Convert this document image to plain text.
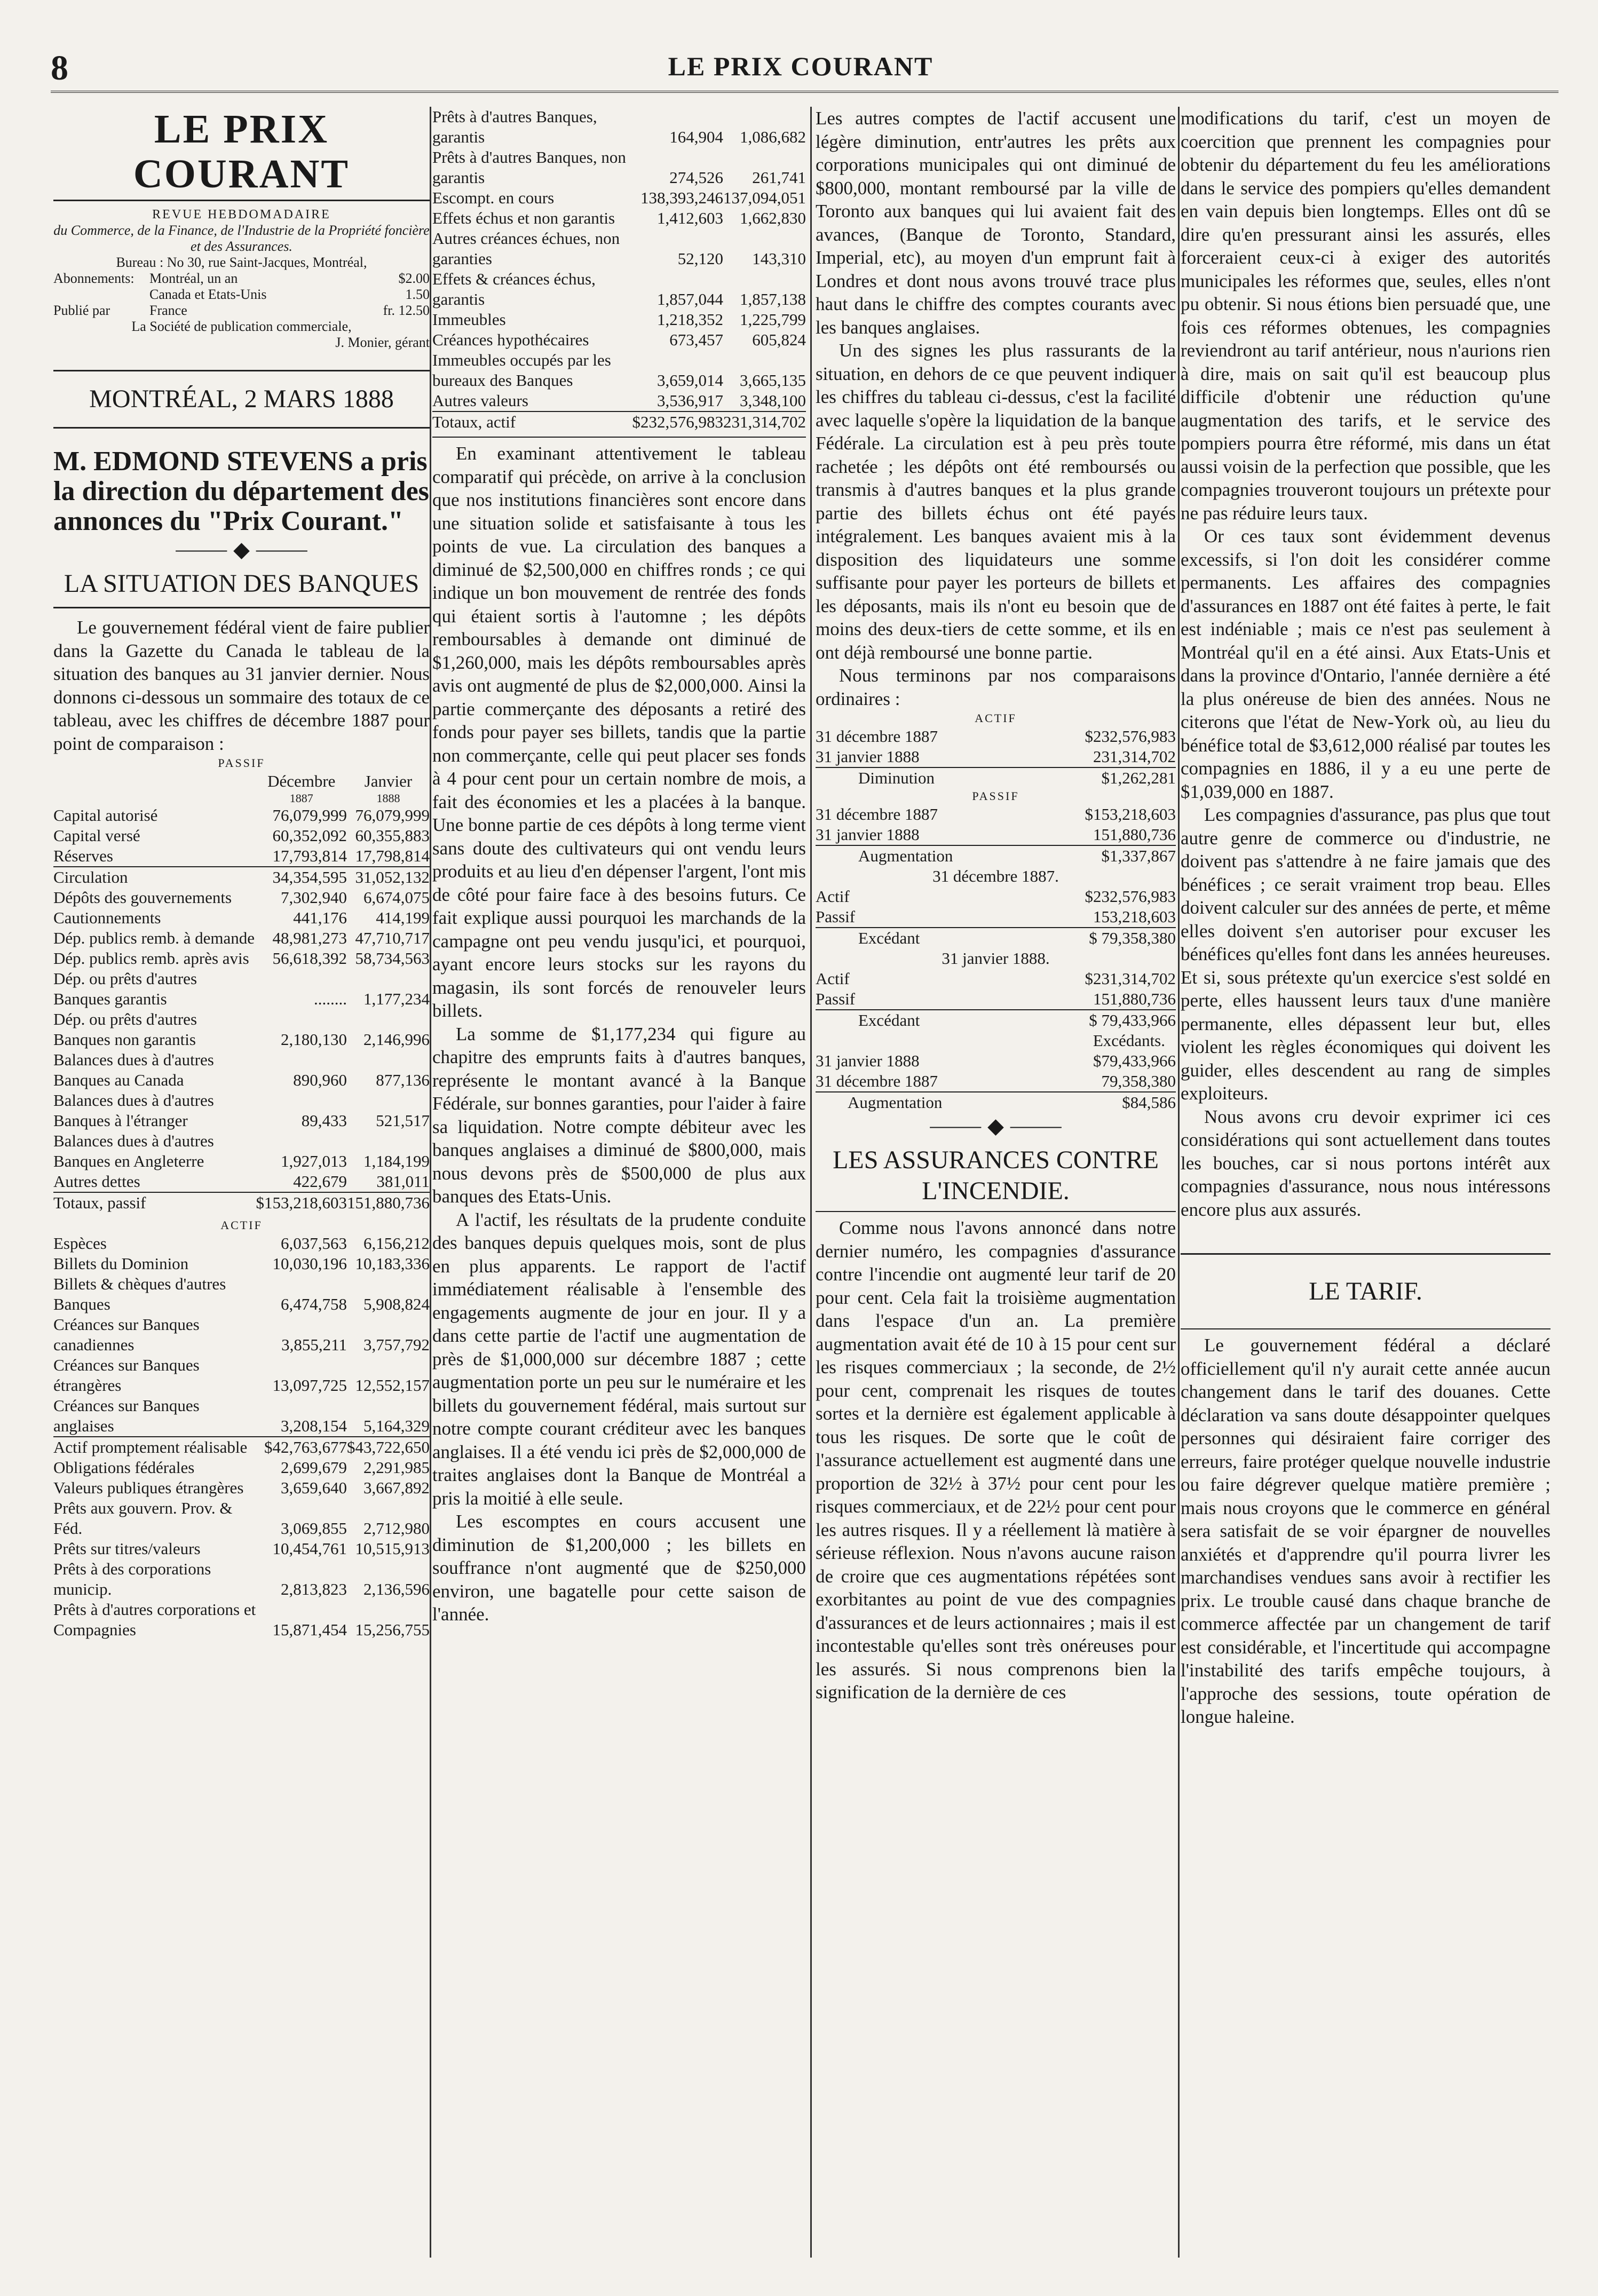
8	LE PRIX COURANT
LE PRIX COURANT
REVUE HEBDOMADAIRE
du Commerce, de la Finance, de l'Industrie de la Propriété foncière et des Assurances.
Bureau : No 30, rue Saint-Jacques, Montréal,
Abonnements:	Montréal, un an	$2.00
	Canada et Etats-Unis	1.50
Publié par	France	fr. 12.50
La Société de publication commerciale,
J. Monier, gérant
MONTRÉAL, 2 MARS 1888
M. EDMOND STEVENS a pris la direction du département des annonces du "Prix Courant."
⸻ ◆ ⸻
LA SITUATION DES BANQUES

Le gouvernement fédéral vient de faire publier dans la Gazette du Canada le tableau de la situation des banques au 31 janvier dernier. Nous donnons ci-dessous un sommaire des totaux de ce tableau, avec les chiffres de décembre 1887 pour point de comparaison :

PASSIF
	Décembre	Janvier
	1887	1888
Capital autorisé	76,079,999	76,079,999
Capital versé	60,352,092	60,355,883
Réserves	17,793,814	17,798,814
Circulation	34,354,595	31,052,132
Dépôts des gouvernements	7,302,940	6,674,075
Cautionnements	441,176	414,199
Dép. publics remb. à demande	48,981,273	47,710,717
Dép. publics remb. après avis	56,618,392	58,734,563
Dép. ou prêts d'autres Banques garantis	........	1,177,234
Dép. ou prêts d'autres Banques non garantis	2,180,130	2,146,996
Balances dues à d'autres Banques au Canada	890,960	877,136
Balances dues à d'autres Banques à l'étranger	89,433	521,517
Balances dues à d'autres Banques en Angleterre	1,927,013	1,184,199
Autres dettes	422,679	381,011
Totaux, passif	$153,218,603	151,880,736
ACTIF
Espèces	6,037,563	6,156,212
Billets du Dominion	10,030,196	10,183,336
Billets & chèques d'autres Banques	6,474,758	5,908,824
Créances sur Banques canadiennes	3,855,211	3,757,792
Créances sur Banques étrangères	13,097,725	12,552,157
Créances sur Banques anglaises	3,208,154	5,164,329
Actif promptement réalisable	$42,763,677	$43,722,650
Obligations fédérales	2,699,679	2,291,985
Valeurs publiques étrangères	3,659,640	3,667,892
Prêts aux gouvern. Prov. & Féd.	3,069,855	2,712,980
Prêts sur titres/valeurs	10,454,761	10,515,913
Prêts à des corporations municip.	2,813,823	2,136,596
Prêts à d'autres corporations et Compagnies	15,871,454	15,256,755
Prêts à d'autres Banques, garantis	164,904	1,086,682
Prêts à d'autres Banques, non garantis	274,526	261,741
Escompt. en cours	138,393,246	137,094,051
Effets échus et non garantis	1,412,603	1,662,830
Autres créances échues, non garanties	52,120	143,310
Effets & créances échus, garantis	1,857,044	1,857,138
Immeubles	1,218,352	1,225,799
Créances hypothécaires	673,457	605,824
Immeubles occupés par les bureaux des Banques	3,659,014	3,665,135
Autres valeurs	3,536,917	3,348,100
Totaux, actif	$232,576,983	231,314,702

En examinant attentivement le tableau comparatif qui précède, on arrive à la conclusion que nos institutions financières sont encore dans une situation solide et satisfaisante à tous les points de vue. La circulation des banques a diminué de $2,500,000 en chiffres ronds ; ce qui indique un bon mouvement de rentrée des fonds qui étaient sortis à l'automne ; les dépôts remboursables à demande ont diminué de $1,260,000, mais les dépôts remboursables après avis ont augmenté de plus de $2,000,000. Ainsi la partie commerçante des déposants a retiré des fonds pour payer ses billets, tandis que la partie non commerçante, celle qui peut placer ses fonds à 4 pour cent pour un certain nombre de mois, a fait des économies et les a placées à la banque. Une bonne partie de ces dépôts à long terme vient sans doute des cultivateurs qui ont vendu leurs produits et au lieu d'en dépenser l'argent, l'ont mis de côté pour faire face à des besoins futurs. Ce fait explique aussi pourquoi les marchands de la campagne ont peu vendu jusqu'ici, et pourquoi, ayant encore leurs stocks sur les rayons du magasin, ils sont forcés de renouveler leurs billets.

La somme de $1,177,234 qui figure au chapitre des emprunts faits à d'autres banques, représente le montant avancé à la Banque Fédérale, sur bonnes garanties, pour l'aider à faire sa liquidation. Notre compte débiteur avec les banques anglaises a diminué de $800,000, mais nous devons près de $500,000 de plus aux banques des Etats-Unis.

A l'actif, les résultats de la prudente conduite des banques depuis quelques mois, sont de plus en plus apparents. Le rapport de l'actif immédiatement réalisable à l'ensemble des engagements augmente de jour en jour. Il y a dans cette partie de l'actif une augmentation de près de $1,000,000 sur décembre 1887 ; cette augmentation porte un peu sur le numéraire et les billets du gouvernement fédéral, mais surtout sur notre compte courant créditeur avec les banques anglaises. Il a été vendu ici près de $2,000,000 de traites anglaises dont la Banque de Montréal a pris la moitié à elle seule.

Les escomptes en cours accusent une diminution de $1,200,000 ; les billets en souffrance n'ont augmenté que de $250,000 environ, une bagatelle pour cette saison de l'année.

Les autres comptes de l'actif accusent une légère diminution, entr'autres les prêts aux corporations municipales qui ont diminué de $800,000, montant remboursé par la ville de Toronto aux banques qui lui avaient fait des avances, (Banque de Toronto, Standard, Imperial, etc), au moyen d'un emprunt fait à Londres et dont nous avons trouvé trace plus haut dans le chiffre des comptes courants avec les banques anglaises.

Un des signes les plus rassurants de la situation, en dehors de ce que peuvent indiquer les chiffres du tableau ci-dessus, c'est la facilité avec laquelle s'opère la liquidation de la banque Fédérale. La circulation est à peu près toute rachetée ; les dépôts ont été remboursés ou transmis à d'autres banques et la plus grande partie des billets échus ont été payés intégralement. Les banques avaient mis à la disposition des liquidateurs une somme suffisante pour payer les porteurs de billets et les déposants, mais ils n'ont eu besoin que de moins des deux-tiers de cette somme, et ils en ont déjà remboursé une bonne partie.

Nous terminons par nos comparaisons ordinaires :

ACTIF
31 décembre 1887	$232,576,983
31 janvier 1888	231,314,702
Diminution	$1,262,281
PASSIF
31 décembre 1887	$153,218,603
31 janvier 1888	151,880,736
Augmentation	$1,337,867
31 décembre 1887.
Actif	$232,576,983
Passif	153,218,603
Excédant	$ 79,358,380
31 janvier 1888.
Actif	$231,314,702
Passif	151,880,736
Excédant	$ 79,433,966
Excédants.
31 janvier 1888	$79,433,966
31 décembre 1887	79,358,380
Augmentation	$84,586
⸻ ◆ ⸻
LES ASSURANCES CONTRE L'INCENDIE.

Comme nous l'avons annoncé dans notre dernier numéro, les compagnies d'assurance contre l'incendie ont augmenté leur tarif de 20 pour cent. Cela fait la troisième augmentation dans l'espace d'un an. La première augmentation avait été de 10 à 15 pour cent sur les risques commerciaux ; la seconde, de 2½ pour cent, comprenait les risques de toutes sortes et la dernière est également applicable à tous les risques. De sorte que le coût de l'assurance actuellement est augmenté dans une proportion de 32½ à 37½ pour cent pour les risques commerciaux, et de 22½ pour cent pour les autres risques. Il y a réellement là matière à sérieuse réflexion. Nous n'avons aucune raison de croire que ces augmentations répétées sont exorbitantes au point de vue des compagnies d'assurances et de leurs actionnaires ; mais il est incontestable qu'elles sont très onéreuses pour les assurés. Si nous comprenons bien la signification de la dernière de ces

modifications du tarif, c'est un moyen de coercition que prennent les compagnies pour obtenir du département du feu les améliorations dans le service des pompiers qu'elles demandent en vain depuis bien longtemps. Elles ont dû se dire qu'en pressurant ainsi les assurés, elles forceraient ceux-ci à exiger des autorités municipales les réformes que, seules, elles n'ont pu obtenir. Si nous étions bien persuadé que, une fois ces réformes obtenues, les compagnies reviendront au tarif antérieur, nous n'aurions rien à dire, mais on sait qu'il est beaucoup plus difficile d'obtenir une réduction qu'une augmentation des tarifs, et le service des pompiers pourra être réformé, mis dans un état aussi voisin de la perfection que possible, que les compagnies trouveront toujours un prétexte pour ne pas réduire leurs taux.

Or ces taux sont évidemment devenus excessifs, si l'on doit les considérer comme permanents. Les affaires des compagnies d'assurances en 1887 ont été faites à perte, le fait est indéniable ; mais ce n'est pas seulement à Montréal qu'il en a été ainsi. Aux Etats-Unis et dans la province d'Ontario, l'année dernière a été la plus onéreuse de bien des années. Nous ne citerons que l'état de New-York où, au lieu du bénéfice total de $3,612,000 réalisé par toutes les compagnies en 1886, il y a eu une perte de $1,039,000 en 1887.

Les compagnies d'assurance, pas plus que tout autre genre de commerce ou d'industrie, ne doivent pas s'attendre à ne faire jamais que des bénéfices ; ce serait vraiment trop beau. Elles doivent calculer sur des années de perte, et même elles doivent s'en autoriser pour excuser les bénéfices qu'elles font dans les années heureuses. Et si, sous prétexte qu'un exercice s'est soldé en perte, elles haussent leurs taux d'une manière permanente, elles dépassent leur but, elles violent les règles économiques qui doivent les guider, elles descendent au rang de simples exploiteurs.

Nous avons cru devoir exprimer ici ces considérations qui sont actuellement dans toutes les bouches, car si nous portons intérêt aux compagnies d'assurance, nous nous intéressons encore plus aux assurés.

LE TARIF.

Le gouvernement fédéral a déclaré officiellement qu'il n'y aurait cette année aucun changement dans le tarif des douanes. Cette déclaration va sans doute désappointer quelques personnes qui désiraient faire corriger des erreurs, faire protéger quelque nouvelle industrie ou faire dégrever quelque matière première ; mais nous croyons que le commerce en général sera satisfait de se voir épargner de nouvelles anxiétés et d'apprendre qu'il pourra livrer les marchandises vendues sans avoir à rectifier les prix. Le trouble causé dans chaque branche de commerce affectée par un changement de tarif est considérable, et l'incertitude qui accompagne l'instabilité des tarifs empêche toujours, à l'approche des sessions, toute opération de longue haleine.
